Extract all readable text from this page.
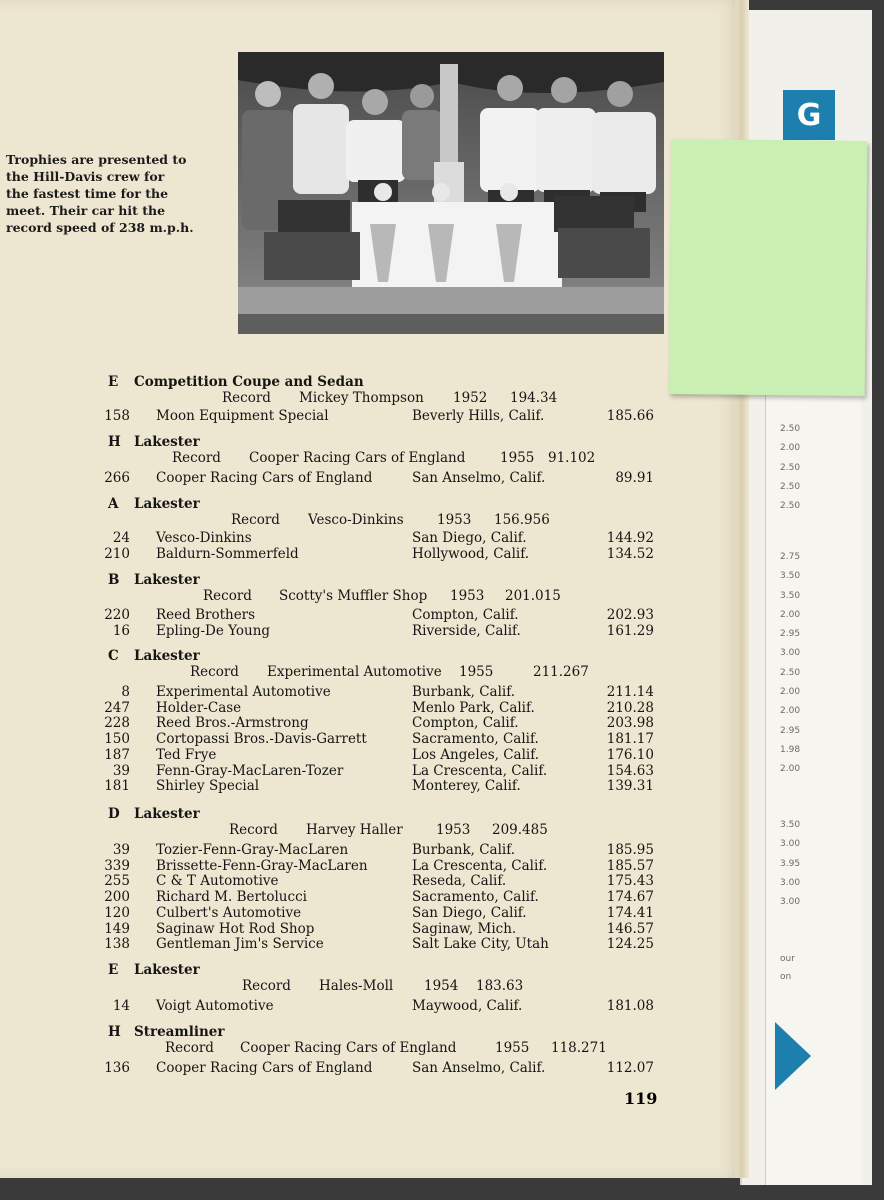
G
2.50
2.00
2.50
2.50
2.50
2.75
3.50
3.50
2.00
2.95
3.00
2.50
2.00
2.00
2.95
1.98
2.00
3.50
3.00
3.95
3.00
3.00
our
on
Trophies are presented to
the Hill-Davis crew for
the fastest time for the
meet. Their car hit the
record speed of 238 m.p.h.
E Competition Coupe and Sedan
Record Mickey Thompson 1952 194.34
158 Moon Equipment Special	Beverly Hills, Calif.	185.66
H Lakester
Record Cooper Racing Cars of England	1955 91.102
266 Cooper Racing Cars of England	San Anselmo, Calif.	89.91
A Lakester
Record Vesco-Dinkins 1953 156.956
24 Vesco-Dinkins	San Diego, Calif.	144.92
210 Baldurn-Sommerfeld	Hollywood, Calif.	134.52
B Lakester
Record Scotty's Muffler Shop 1953 201.015
220 Reed Brothers	Compton, Calif.	202.93
16 Epling-De Young	Riverside, Calif.	161.29
C Lakester
Record Experimental Automotive 1955	211.267
8 Experimental Automotive	Burbank, Calif.	211.14
247 Holder-Case	Menlo Park, Calif.	210.28
228 Reed Bros.-Armstrong	Compton, Calif.	203.98
150 Cortopassi Bros.-Davis-Garrett	Sacramento, Calif.	181.17
187 Ted Frye	Los Angeles, Calif.	176.10
39 Fenn-Gray-MacLaren-Tozer	La Crescenta, Calif.	154.63
181 Shirley Special	Monterey, Calif.	139.31
D Lakester
Record Harvey Haller 1953 209.485
39 Tozier-Fenn-Gray-MacLaren	Burbank, Calif.	185.95
339 Brissette-Fenn-Gray-MacLaren	La Crescenta, Calif.	185.57
255 C & T Automotive	Reseda, Calif.	175.43
200 Richard M. Bertolucci	Sacramento, Calif.	174.67
120 Culbert's Automotive	San Diego, Calif.	174.41
149 Saginaw Hot Rod Shop	Saginaw, Mich.	146.57
138 Gentleman Jim's Service	Salt Lake City, Utah	124.25
E Lakester
Record Hales-Moll 1954 183.63
14 Voigt Automotive	Maywood, Calif.	181.08
H Streamliner
Record Cooper Racing Cars of England	1955 118.271
136 Cooper Racing Cars of England	San Anselmo, Calif.	112.07
119
